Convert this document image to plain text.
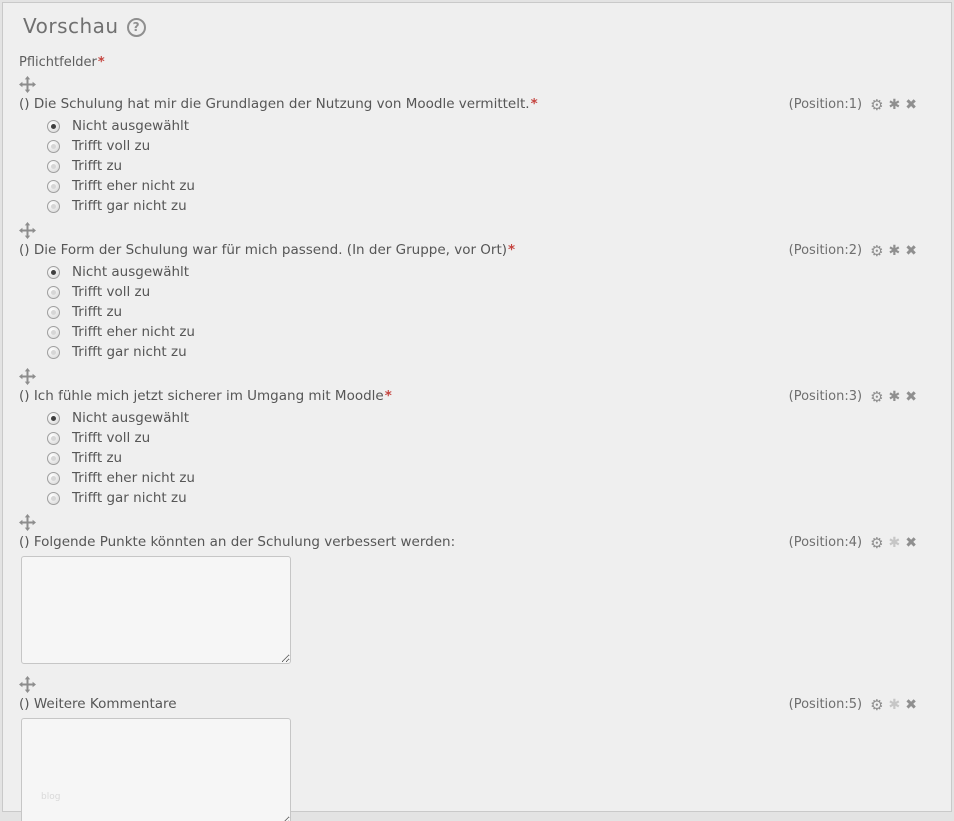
Vorschau	?
Pflichtfelder*
() Die Schulung hat mir die Grundlagen der Nutzung von Moodle vermittelt.*	(Position:1) ⚙ ✱ ✖
Nicht ausgewählt
Trifft voll zu
Trifft zu
Trifft eher nicht zu
Trifft gar nicht zu
() Die Form der Schulung war für mich passend. (In der Gruppe, vor Ort)*	(Position:2) ⚙ ✱ ✖
Nicht ausgewählt
Trifft voll zu
Trifft zu
Trifft eher nicht zu
Trifft gar nicht zu
() Ich fühle mich jetzt sicherer im Umgang mit Moodle*	(Position:3) ⚙ ✱ ✖
Nicht ausgewählt
Trifft voll zu
Trifft zu
Trifft eher nicht zu
Trifft gar nicht zu
() Folgende Punkte könnten an der Schulung verbessert werden:	(Position:4) ⚙ ✱ ✖
() Weitere Kommentare	(Position:5) ⚙ ✱ ✖
blog
